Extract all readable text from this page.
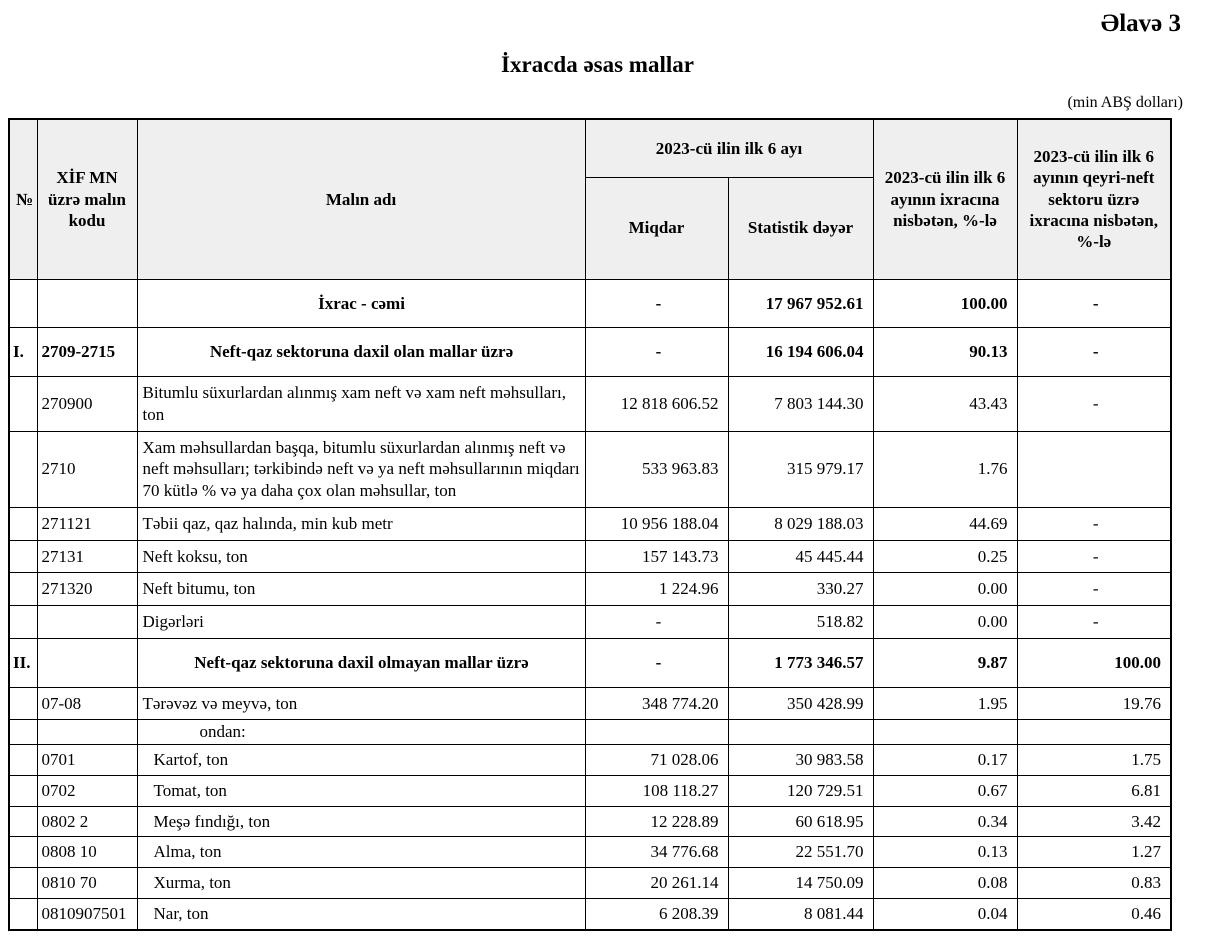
Əlavə 3
İxracda əsas mallar
(min ABŞ dolları)
№	XİF MN üzrə malın kodu	Malın adı	2023-cü ilin ilk 6 ayı		2023-cü ilin ilk 6 ayının ixracına nisbətən, %-lə	2023-cü ilin ilk 6 ayının qeyri-neft sektoru üzrə ixracına nisbətən, %-lə
			Miqdar	Statistik dəyər		
		İxrac - cəmi	-	17 967 952.61	100.00	-
I.	2709-2715	Neft-qaz sektoruna daxil olan mallar üzrə	-	16 194 606.04	90.13	-
	270900	Bitumlu süxurlardan alınmış xam neft və xam neft məhsulları, ton	12 818 606.52	7 803 144.30	43.43	-
	2710	Xam məhsullardan başqa, bitumlu süxurlardan alınmış neft və neft məhsulları; tərkibində neft və ya neft məhsullarının miqdarı 70 kütlə % və ya daha çox olan məhsullar, ton	533 963.83	315 979.17	1.76	
	271121	Təbii qaz, qaz halında, min kub metr	10 956 188.04	8 029 188.03	44.69	-
	27131	Neft koksu, ton	157 143.73	45 445.44	0.25	-
	271320	Neft bitumu, ton	1 224.96	330.27	0.00	-
		Digərləri	-	518.82	0.00	-
II.		Neft-qaz sektoruna daxil olmayan mallar üzrə	-	1 773 346.57	9.87	100.00
	07-08	Tərəvəz və meyvə, ton	348 774.20	350 428.99	1.95	19.76
		ondan:				
	0701	Kartof, ton	71 028.06	30 983.58	0.17	1.75
	0702	Tomat, ton	108 118.27	120 729.51	0.67	6.81
	0802 2	Meşə fındığı, ton	12 228.89	60 618.95	0.34	3.42
	0808 10	Alma, ton	34 776.68	22 551.70	0.13	1.27
	0810 70	Xurma, ton	20 261.14	14 750.09	0.08	0.83
	0810907501	Nar, ton	6 208.39	8 081.44	0.04	0.46
